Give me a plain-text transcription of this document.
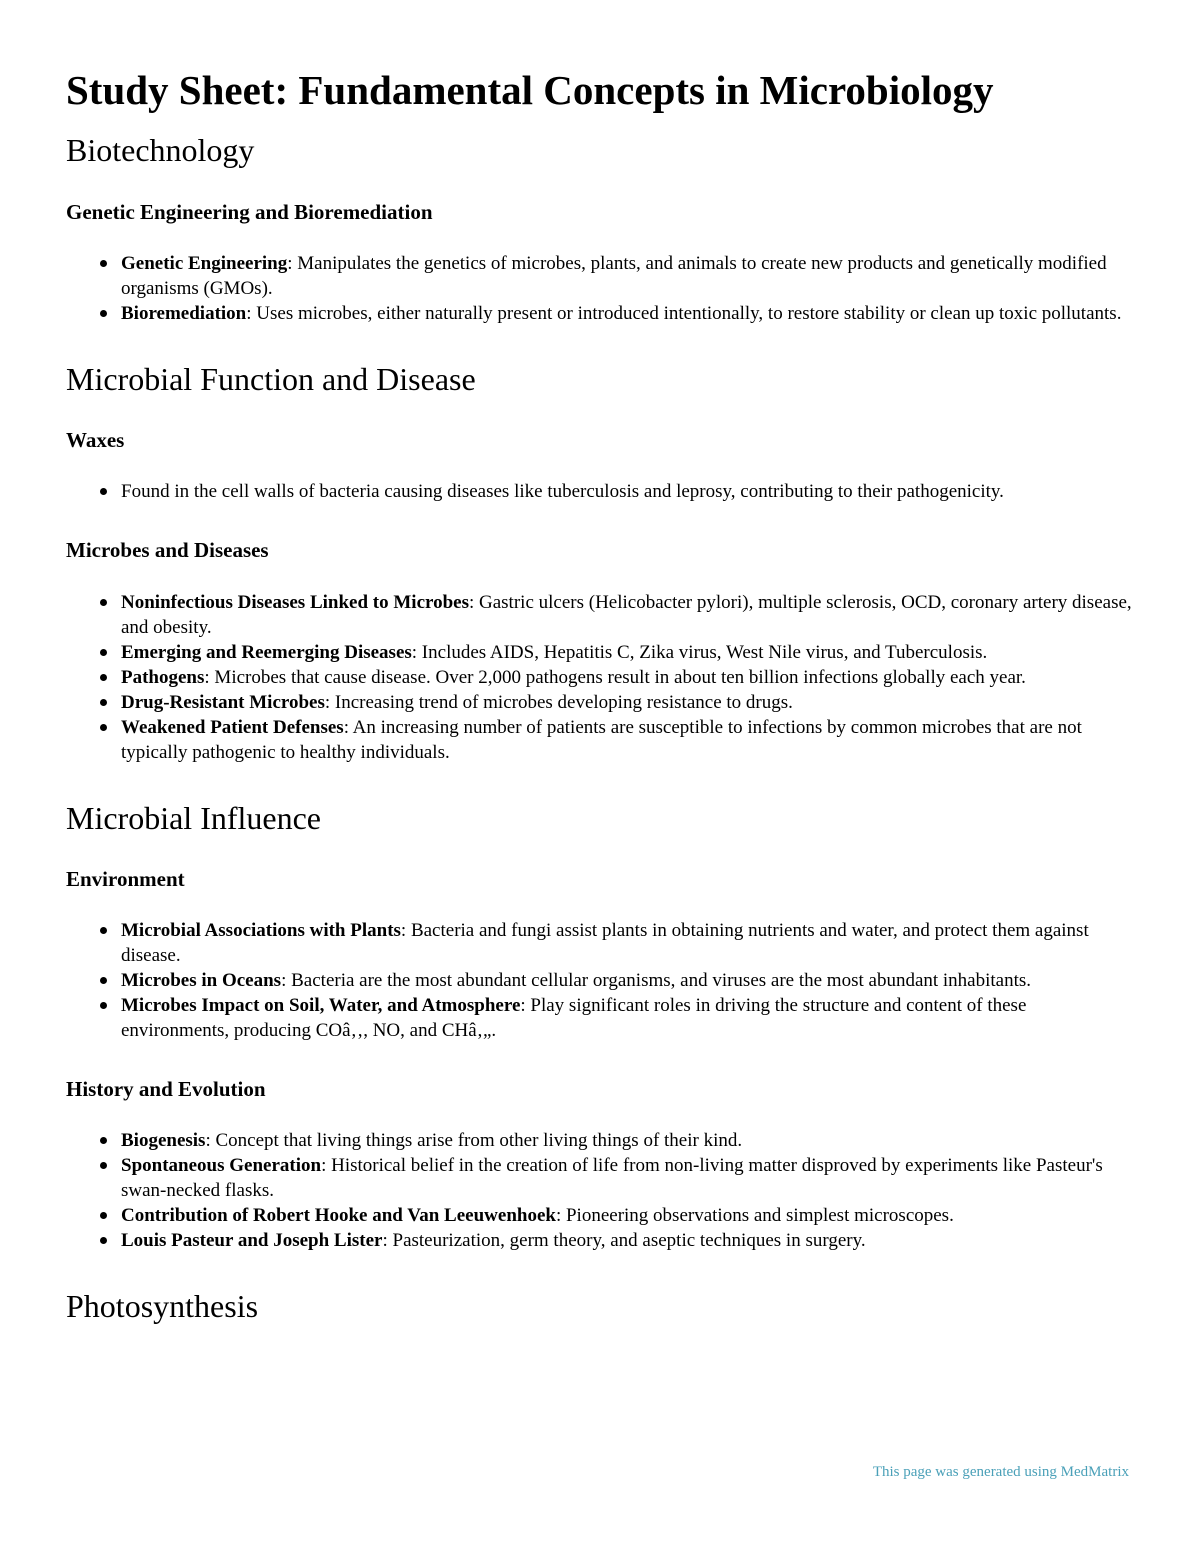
Study Sheet: Fundamental Concepts in Microbiology
Biotechnology
Genetic Engineering and Bioremediation
Genetic Engineering: Manipulates the genetics of microbes, plants, and animals to create new products and genetically modified organisms (GMOs).
Bioremediation: Uses microbes, either naturally present or introduced intentionally, to restore stability or clean up toxic pollutants.
Microbial Function and Disease
Waxes
Found in the cell walls of bacteria causing diseases like tuberculosis and leprosy, contributing to their pathogenicity.
Microbes and Diseases
Noninfectious Diseases Linked to Microbes: Gastric ulcers (Helicobacter pylori), multiple sclerosis, OCD, coronary artery disease, and obesity.
Emerging and Reemerging Diseases: Includes AIDS, Hepatitis C, Zika virus, West Nile virus, and Tuberculosis.
Pathogens: Microbes that cause disease. Over 2,000 pathogens result in about ten billion infections globally each year.
Drug-Resistant Microbes: Increasing trend of microbes developing resistance to drugs.
Weakened Patient Defenses: An increasing number of patients are susceptible to infections by common microbes that are not typically pathogenic to healthy individuals.
Microbial Influence
Environment
Microbial Associations with Plants: Bacteria and fungi assist plants in obtaining nutrients and water, and protect them against disease.
Microbes in Oceans: Bacteria are the most abundant cellular organisms, and viruses are the most abundant inhabitants.
Microbes Impact on Soil, Water, and Atmosphere: Play significant roles in driving the structure and content of these environments, producing COâ‚‚, NO, and CHâ‚„.
History and Evolution
Biogenesis: Concept that living things arise from other living things of their kind.
Spontaneous Generation: Historical belief in the creation of life from non-living matter disproved by experiments like Pasteur's swan-necked flasks.
Contribution of Robert Hooke and Van Leeuwenhoek: Pioneering observations and simplest microscopes.
Louis Pasteur and Joseph Lister: Pasteurization, germ theory, and aseptic techniques in surgery.
Photosynthesis
This page was generated using MedMatrix
